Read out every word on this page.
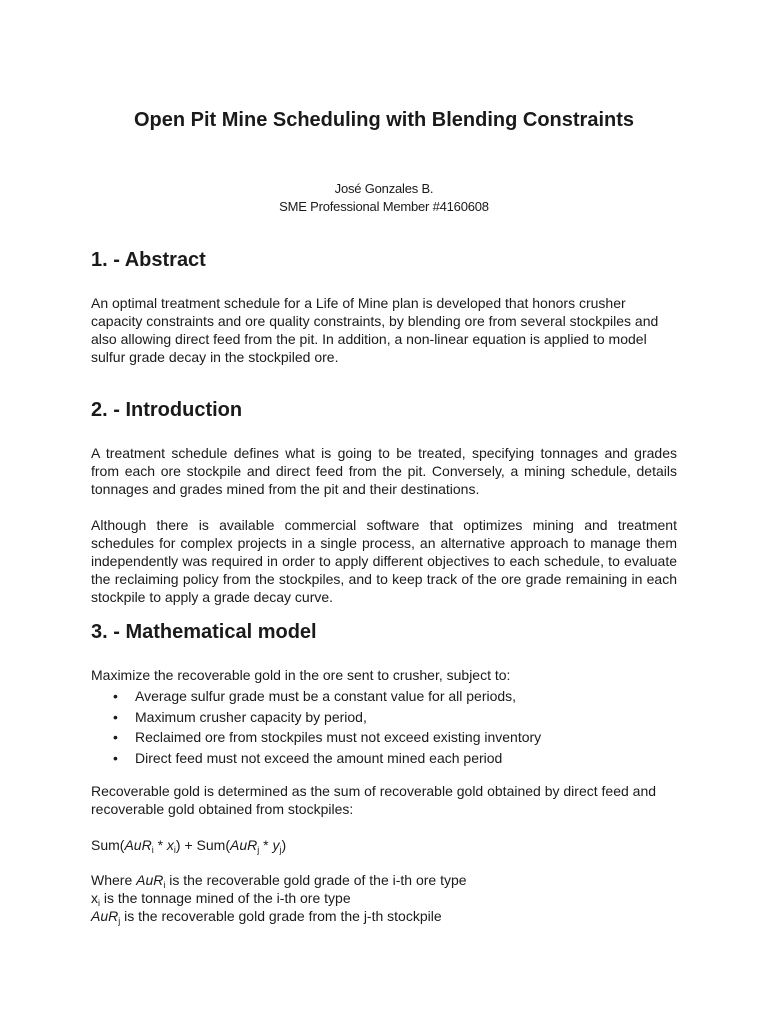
Open Pit Mine Scheduling with Blending Constraints
José Gonzales B.
SME Professional Member #4160608
1. - Abstract

An optimal treatment schedule for a Life of Mine plan is developed that honors crusher capacity constraints and ore quality constraints, by blending ore from several stockpiles and also allowing direct feed from the pit. In addition, a non-linear equation is applied to model sulfur grade decay in the stockpiled ore.

2. - Introduction

A treatment schedule defines what is going to be treated, specifying tonnages and grades from each ore stockpile and direct feed from the pit. Conversely, a mining schedule, details tonnages and grades mined from the pit and their destinations.

Although there is available commercial software that optimizes mining and treatment schedules for complex projects in a single process, an alternative approach to manage them independently was required in order to apply different objectives to each schedule, to evaluate the reclaiming policy from the stockpiles, and to keep track of the ore grade remaining in each stockpile to apply a grade decay curve.

3. - Mathematical model

Maximize the recoverable gold in the ore sent to crusher, subject to:

• Average sulfur grade must be a constant value for all periods,
• Maximum crusher capacity by period,
• Reclaimed ore from stockpiles must not exceed existing inventory
• Direct feed must not exceed the amount mined each period

Recoverable gold is determined as the sum of recoverable gold obtained by direct feed and recoverable gold obtained from stockpiles:

$Sum(AuR_i * x_i) + Sum(AuR_j * y_j)$

Where AuR$_i$ is the recoverable gold grade of the i-th ore type
$x_i$ is the tonnage mined of the i-th ore type
AuR$_j$ is the recoverable gold grade from the j-th stockpile
